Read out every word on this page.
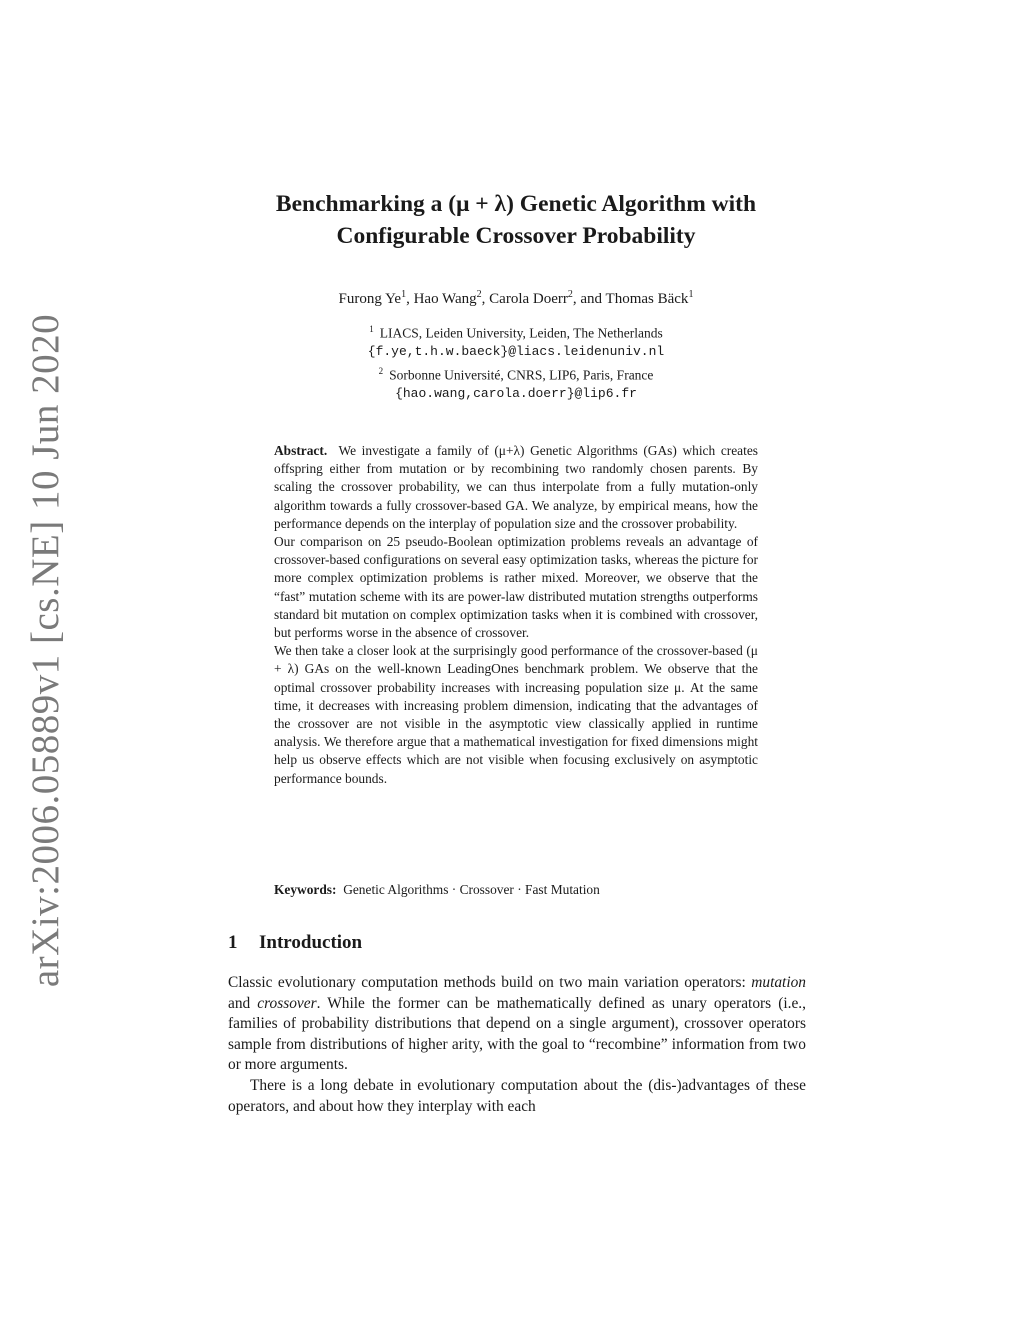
arXiv:2006.05889v1 [cs.NE] 10 Jun 2020
Benchmarking a (μ + λ) Genetic Algorithm with
Configurable Crossover Probability
Furong Ye$^1$, Hao Wang$^2$, Carola Doerr$^2$, and Thomas Bäck$^1$
$^1$ LIACS, Leiden University, Leiden, The Netherlands
{f.ye,t.h.w.baeck}@liacs.leidenuniv.nl
$^2$ Sorbonne Université, CNRS, LIP6, Paris, France
{hao.wang,carola.doerr}@lip6.fr

Abstract. We investigate a family of (μ+λ) Genetic Algorithms (GAs) which creates offspring either from mutation or by recombining two randomly chosen parents. By scaling the crossover probability, we can thus interpolate from a fully mutation-only algorithm towards a fully crossover-based GA. We analyze, by empirical means, how the performance depends on the interplay of population size and the crossover probability.

Our comparison on 25 pseudo-Boolean optimization problems reveals an advantage of crossover-based configurations on several easy optimization tasks, whereas the picture for more complex optimization problems is rather mixed. Moreover, we observe that the “fast” mutation scheme with its are power-law distributed mutation strengths outperforms standard bit mutation on complex optimization tasks when it is combined with crossover, but performs worse in the absence of crossover.

We then take a closer look at the surprisingly good performance of the crossover-based (μ + λ) GAs on the well-known LeadingOnes benchmark problem. We observe that the optimal crossover probability increases with increasing population size μ. At the same time, it decreases with increasing problem dimension, indicating that the advantages of the crossover are not visible in the asymptotic view classically applied in runtime analysis. We therefore argue that a mathematical investigation for fixed dimensions might help us observe effects which are not visible when focusing exclusively on asymptotic performance bounds.

Keywords: Genetic Algorithms · Crossover · Fast Mutation
1 Introduction

Classic evolutionary computation methods build on two main variation operators: mutation and crossover. While the former can be mathematically defined as unary operators (i.e., families of probability distributions that depend on a single argument), crossover operators sample from distributions of higher arity, with the goal to “recombine” information from two or more arguments.

There is a long debate in evolutionary computation about the (dis-)advantages of these operators, and about how they interplay with each
